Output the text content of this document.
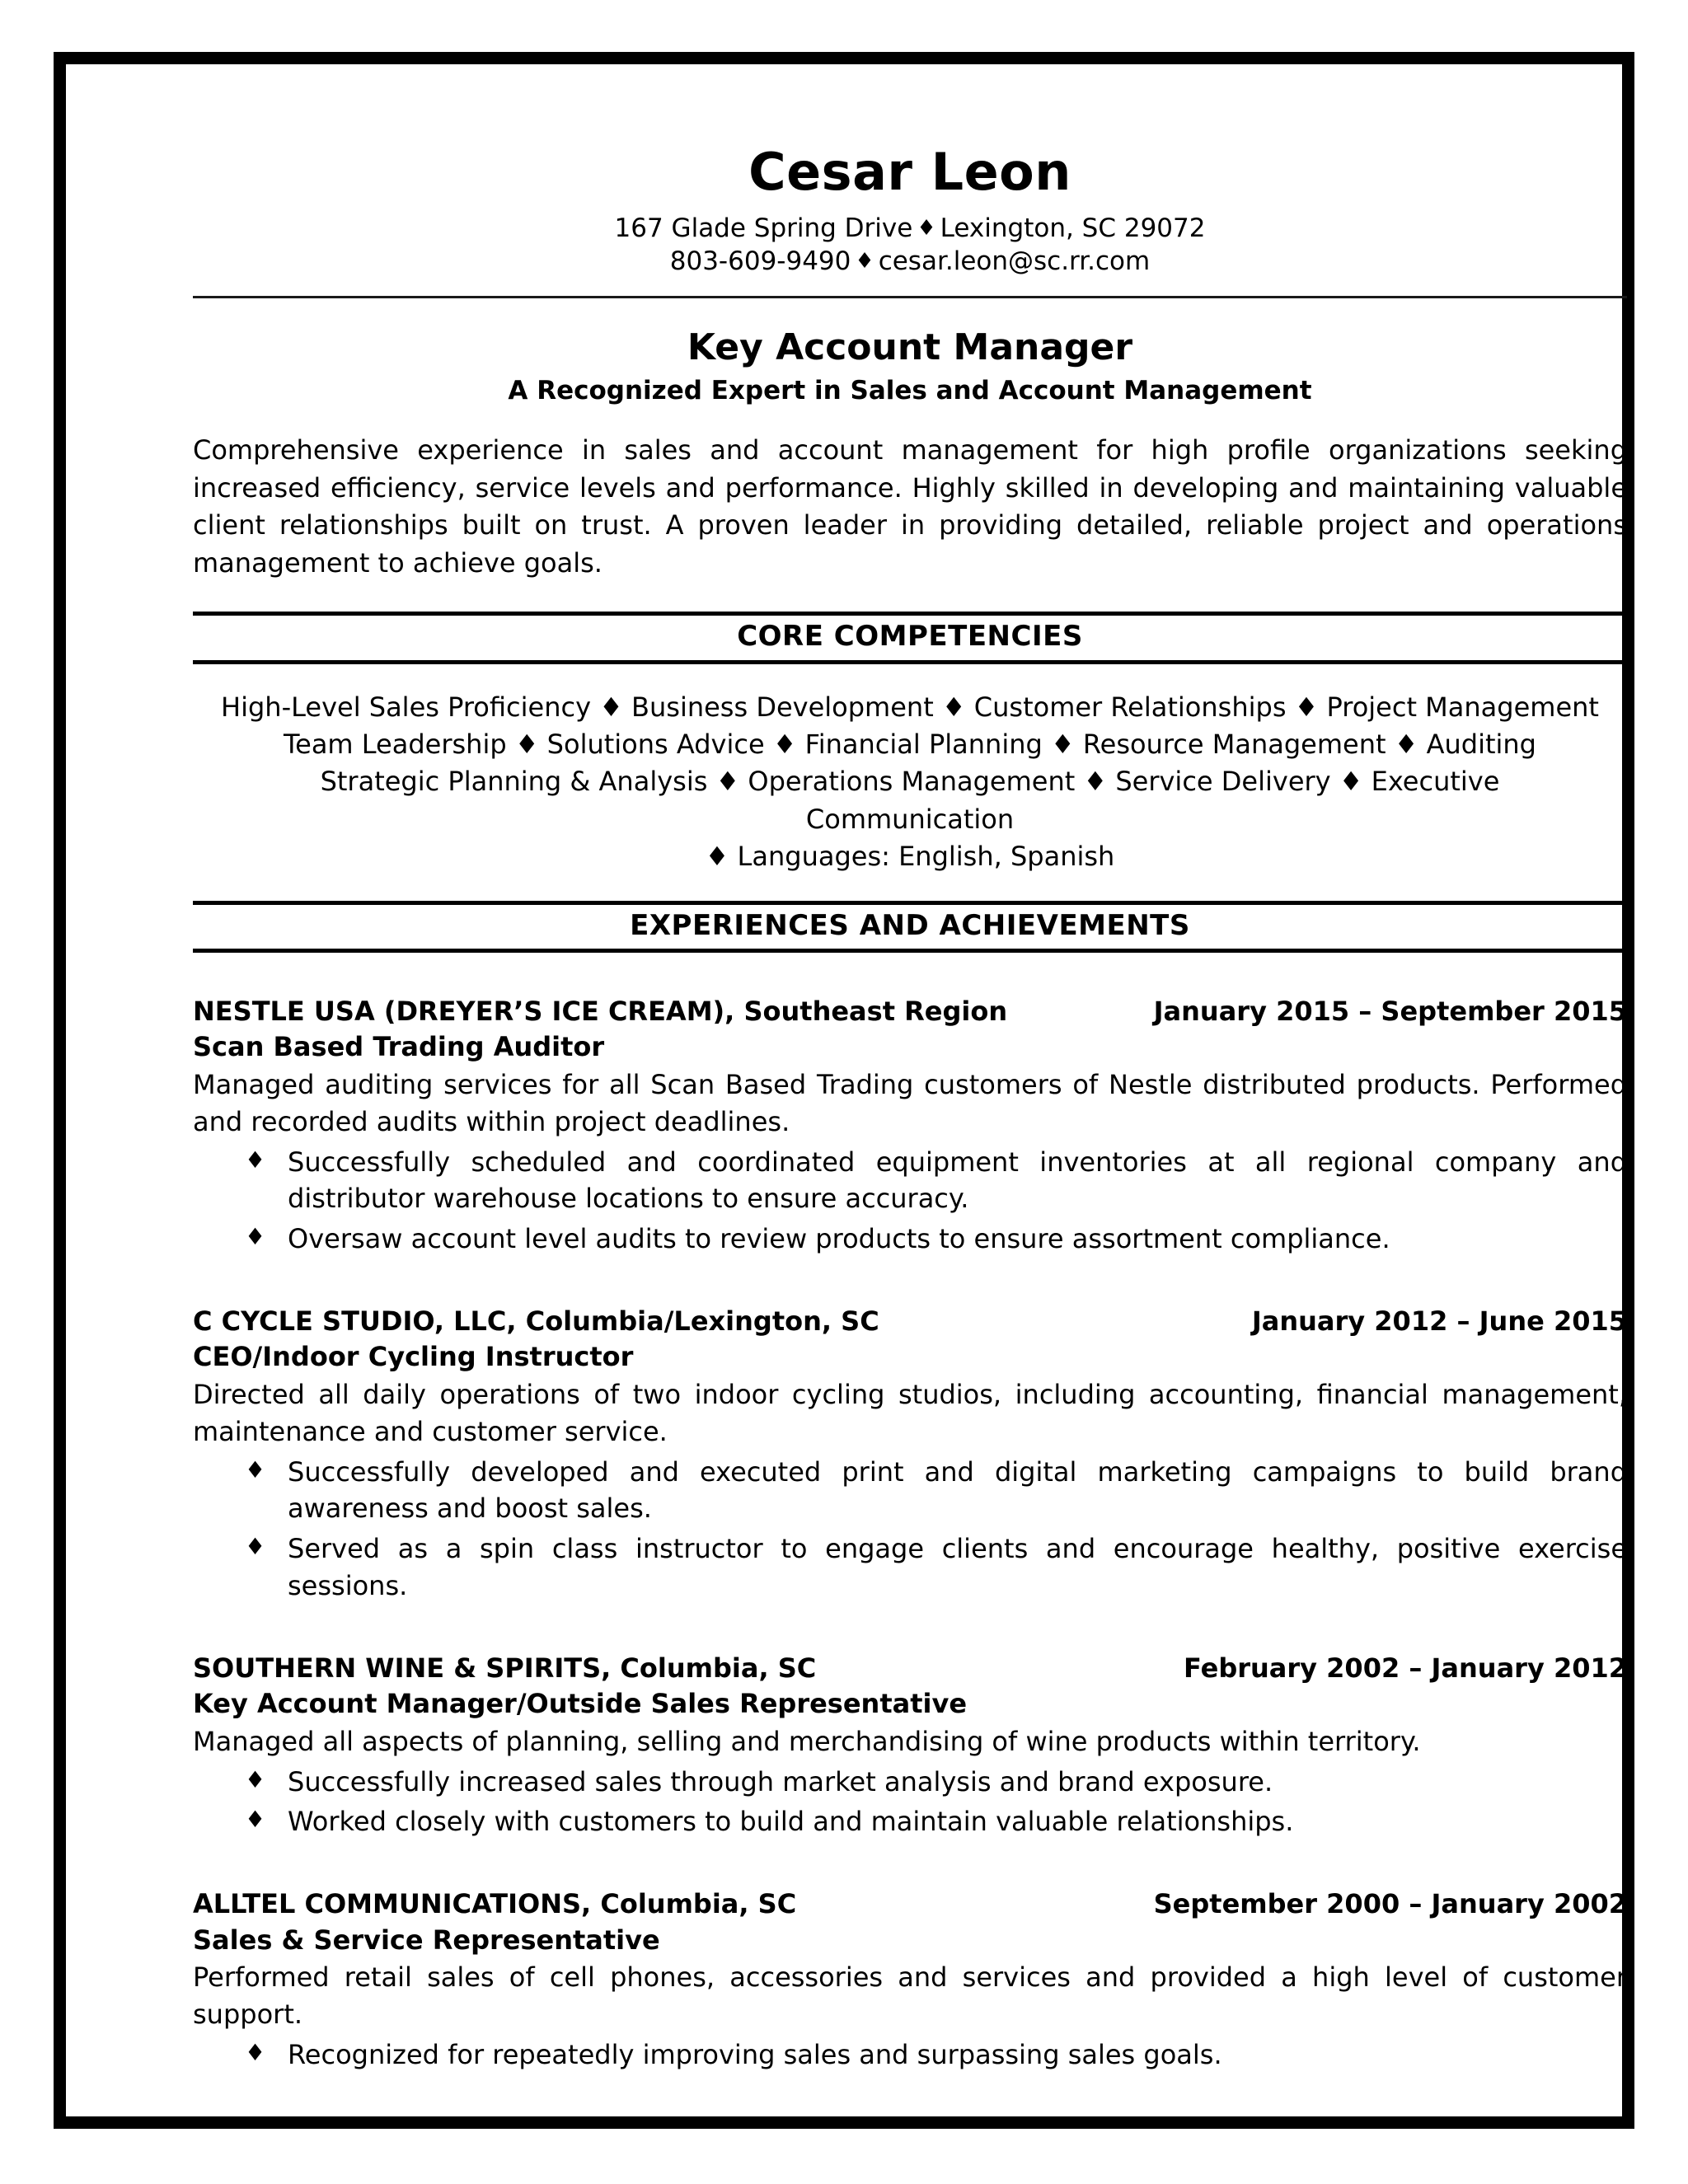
Cesar Leon
167 Glade Spring Drive ♦ Lexington, SC 29072
803-609-9490 ♦ cesar.leon@sc.rr.com
Key Account Manager
A Recognized Expert in Sales and Account Management

Comprehensive experience in sales and account management for high profile organizations seeking increased efficiency, service levels and performance. Highly skilled in developing and maintaining valuable client relationships built on trust. A proven leader in providing detailed, reliable project and operations management to achieve goals.

CORE COMPETENCIES
High-Level Sales Proficiency ♦ Business Development ♦ Customer Relationships ♦ Project Management
Team Leadership ♦ Solutions Advice ♦ Financial Planning ♦ Resource Management ♦ Auditing
Strategic Planning & Analysis ♦ Operations Management ♦ Service Delivery ♦ Executive Communication
♦ Languages: English, Spanish
EXPERIENCES AND ACHIEVEMENTS
NESTLE USA (DREYER’S ICE CREAM), Southeast Region	January 2015 – September 2015
Scan Based Trading Auditor
Managed auditing services for all Scan Based Trading customers of Nestle distributed products. Performed and recorded audits within project deadlines.
♦ Successfully scheduled and coordinated equipment inventories at all regional company and distributor warehouse locations to ensure accuracy.
♦ Oversaw account level audits to review products to ensure assortment compliance.
C CYCLE STUDIO, LLC, Columbia/Lexington, SC	January 2012 – June 2015
CEO/Indoor Cycling Instructor
Directed all daily operations of two indoor cycling studios, including accounting, financial management, maintenance and customer service.
♦ Successfully developed and executed print and digital marketing campaigns to build brand awareness and boost sales.
♦ Served as a spin class instructor to engage clients and encourage healthy, positive exercise sessions.
SOUTHERN WINE & SPIRITS, Columbia, SC	February 2002 – January 2012
Key Account Manager/Outside Sales Representative
Managed all aspects of planning, selling and merchandising of wine products within territory.
♦ Successfully increased sales through market analysis and brand exposure.
♦ Worked closely with customers to build and maintain valuable relationships.
ALLTEL COMMUNICATIONS, Columbia, SC	September 2000 – January 2002
Sales & Service Representative
Performed retail sales of cell phones, accessories and services and provided a high level of customer support.
♦ Recognized for repeatedly improving sales and surpassing sales goals.
